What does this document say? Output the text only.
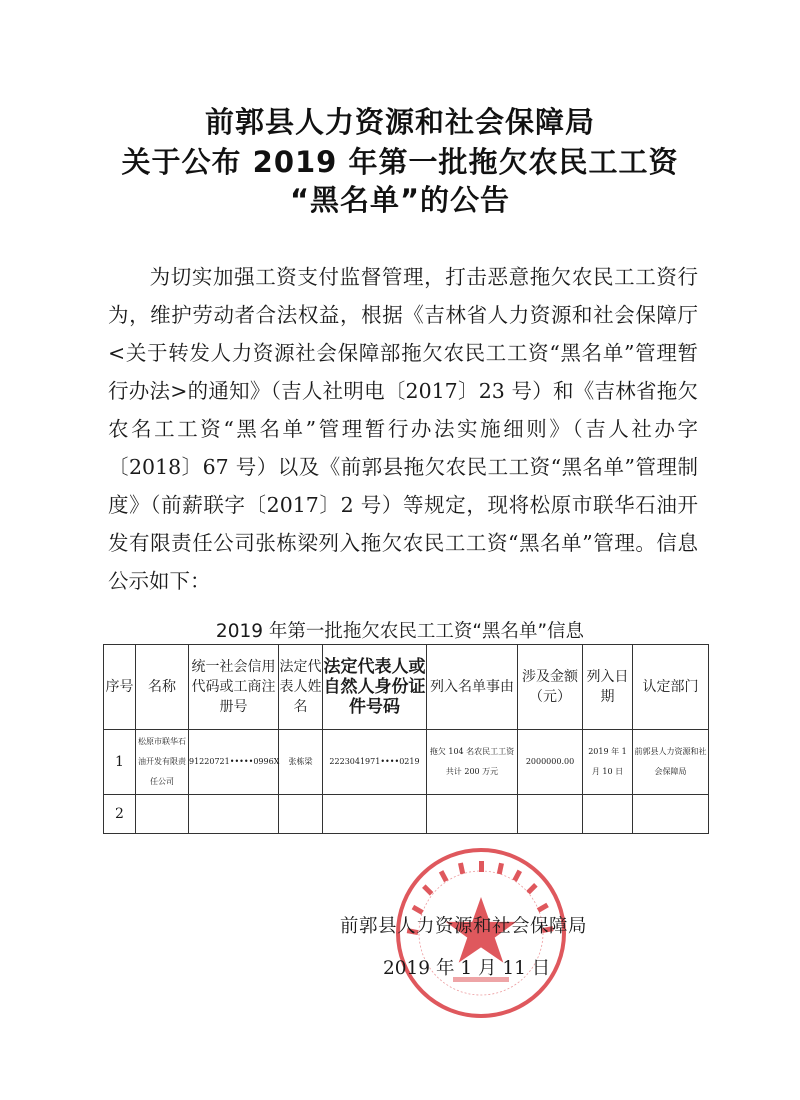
前郭县人力资源和社会保障局
关于公布 2019 年第一批拖欠农民工工资
“黑名单”的公告
为切实加强工资支付监督管理，打击恶意拖欠农民工工资行为，维护劳动者合法权益，根据《吉林省人力资源和社会保障厅<关于转发人力资源社会保障部拖欠农民工工资“黑名单”管理暂行办法>的通知》（吉人社明电〔2017〕23 号）和《吉林省拖欠农名工工资“黑名单”管理暂行办法实施细则》（吉人社办字〔2018〕67 号）以及《前郭县拖欠农民工工资“黑名单”管理制度》（前薪联字〔2017〕2 号）等规定，现将松原市联华石油开发有限责任公司张栋梁列入拖欠农民工工资“黑名单”管理。信息公示如下：
2019 年第一批拖欠农民工工资“黑名单”信息
序号	名称	统一社会信用代码或工商注册号	法定代表人姓名	法定代表人或自然人身份证件号码	列入名单事由	涉及金额（元）	列入日期	认定部门
1	松原市联华石油开发有限责任公司	91220721•••••0996X	张栋梁	2223041971••••0219	拖欠 104 名农民工工资共计 200 万元	2000000.00	2019 年 1 月 10 日	前郭县人力资源和社会保障局
2								
前郭县人力资源和社会保障局
2019 年 1 月 11 日
